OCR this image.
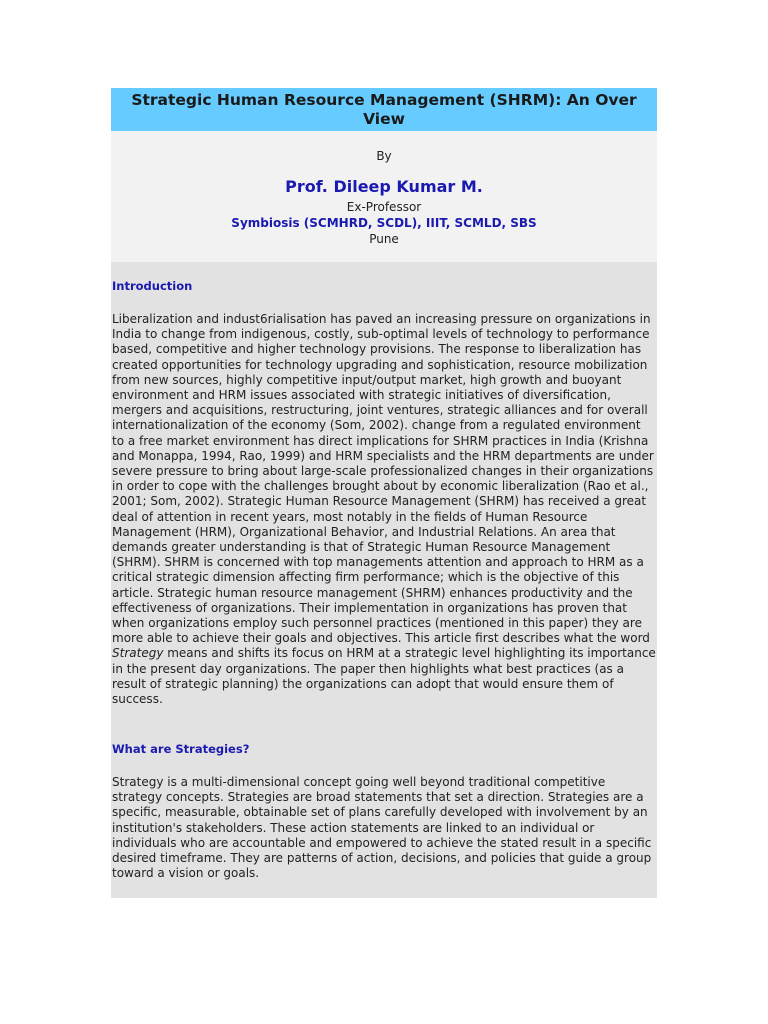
Strategic Human Resource Management (SHRM): An Over View
By
Prof. Dileep Kumar M.
Ex-Professor
Symbiosis (SCMHRD, SCDL), IIIT, SCMLD, SBS
Pune
Introduction

Liberalization and indust6rialisation has paved an increasing pressure on organizations in India to change from indigenous, costly, sub-optimal levels of technology to performance based, competitive and higher technology provisions. The response to liberalization has created opportunities for technology upgrading and sophistication, resource mobilization from new sources, highly competitive input/output market, high growth and buoyant environment and HRM issues associated with strategic initiatives of diversification, mergers and acquisitions, restructuring, joint ventures, strategic alliances and for overall internationalization of the economy (Som, 2002). change from a regulated environment to a free market environment has direct implications for SHRM practices in India (Krishna and Monappa, 1994, Rao, 1999) and HRM specialists and the HRM departments are under severe pressure to bring about large-scale professionalized changes in their organizations in order to cope with the challenges brought about by economic liberalization (Rao et al., 2001; Som, 2002). Strategic Human Resource Management (SHRM) has received a great deal of attention in recent years, most notably in the fields of Human Resource Management (HRM), Organizational Behavior, and Industrial Relations. An area that demands greater understanding is that of Strategic Human Resource Management (SHRM). SHRM is concerned with top managements attention and approach to HRM as a critical strategic dimension affecting firm performance; which is the objective of this article. Strategic human resource management (SHRM) enhances productivity and the effectiveness of organizations. Their implementation in organizations has proven that when organizations employ such personnel practices (mentioned in this paper) they are more able to achieve their goals and objectives. This article first describes what the word Strategy means and shifts its focus on HRM at a strategic level highlighting its importance in the present day organizations. The paper then highlights what best practices (as a result of strategic planning) the organizations can adopt that would ensure them of success.

What are Strategies?

Strategy is a multi-dimensional concept going well beyond traditional competitive strategy concepts. Strategies are broad statements that set a direction. Strategies are a specific, measurable, obtainable set of plans carefully developed with involvement by an institution's stakeholders. These action statements are linked to an individual or individuals who are accountable and empowered to achieve the stated result in a specific desired timeframe. They are patterns of action, decisions, and policies that guide a group toward a vision or goals.
